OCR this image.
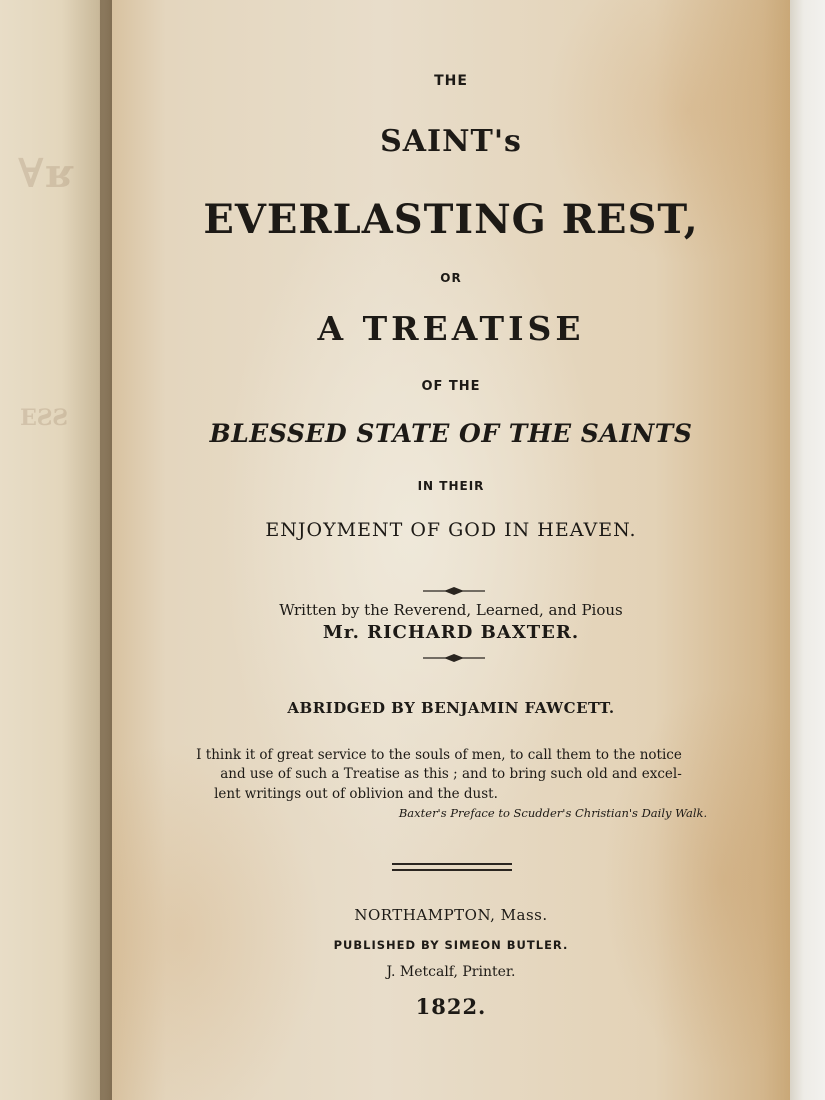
ᴚ∀
SSƎ

THE

SAINT's

EVERLASTING REST,

OR

A TREATISE

OF THE

BLESSED STATE OF THE SAINTS

IN THEIR

ENJOYMENT OF GOD IN HEAVEN.

Written by the Reverend, Learned, and Pious

Mr. RICHARD BAXTER.

ABRIDGED BY BENJAMIN FAWCETT.

I think it of great service to the souls of men, to call them to the notice

and use of such a Treatise as this ; and to bring such old and excel-

lent writings out of oblivion and the dust.

Baxter's Preface to Scudder's Christian's Daily Walk.

NORTHAMPTON, Mass.

PUBLISHED BY SIMEON BUTLER.

J. Metcalf, Printer.

1822.
